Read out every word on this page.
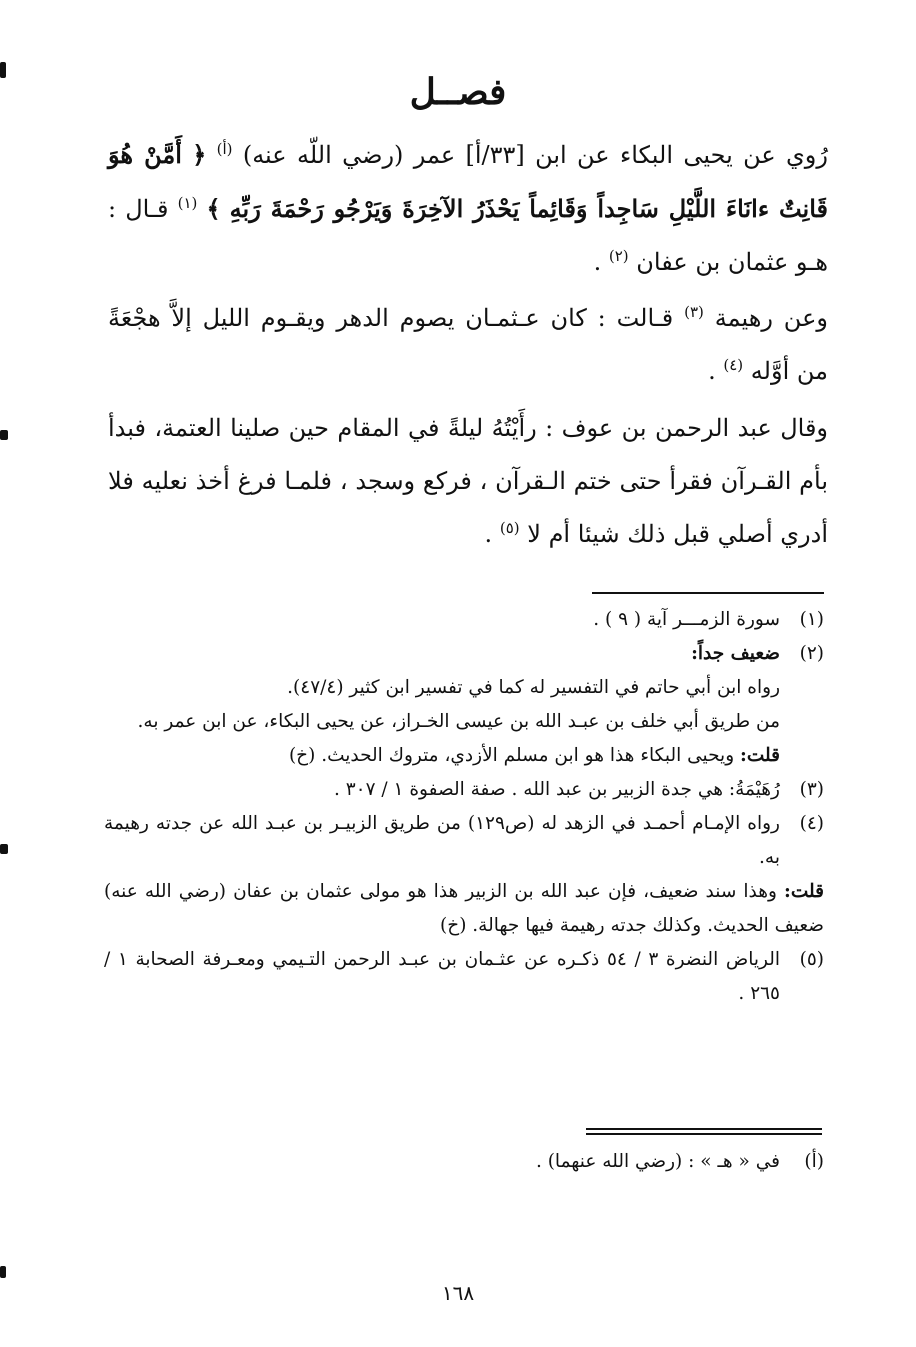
فصــل
رُوي عن يحيى البكاء عن ابن [٣٣/أ] عمر (رضي اللّه عنه) $^{(أ)}$ ﴿ أَمَّنْ هُوَ قَانِتٌ ءانَاءَ اللَّيْلِ سَاجِداً وَقَائِماً يَحْذَرُ الآخِرَةَ وَيَرْجُو رَحْمَةَ رَبِّهِ ﴾ $^{(١)}$ قـال : هـو عثمان بن عفان $^{(٢)}$ .
وعن رهيمة $^{(٣)}$ قـالت : كان عـثمـان يصوم الدهر ويقـوم الليل إلاَّ هجْعَةً من أوَّله $^{(٤)}$ .
وقال عبد الرحمن بن عوف : رأَيْتُهُ ليلةً في المقام حين صلينا العتمة، فبدأ بأم القـرآن فقرأ حتى ختم الـقرآن ، فركع وسجد ، فلمـا فرغ أخذ نعليه فلا أدري أصلي قبل ذلك شيئا أم لا $^{(٥)}$ .
(١)
سورة الزمـــر آية ( ٩ ) .
(٢)
ضعيف جداً:
رواه ابن أبي حاتم في التفسير له كما في تفسير ابن كثير (٤٧/٤).
من طريق أبي خلف بن عبـد الله بن عيسى الخـراز، عن يحيى البكاء، عن ابن عمر به.
قلت: ويحيى البكاء هذا هو ابن مسلم الأزدي، متروك الحديث. (خ)
(٣)
رُهَيْمَةُ: هي جدة الزبير بن عبد الله . صفة الصفوة ١ / ٣٠٧ .
(٤)
رواه الإمـام أحمـد في الزهد له (ص١٢٩) من طريق الزبيـر بن عبـد الله عن جدته رهيمة به.
قلت: وهذا سند ضعيف، فإن عبد الله بن الزبير هذا هو مولى عثمان بن عفان (رضي الله عنه) ضعيف الحديث. وكذلك جدته رهيمة فيها جهالة. (خ)
(٥)
الرياض النضرة ٣ / ٥٤ ذكـره عن عثـمان بن عبـد الرحمن التـيمي ومعـرفة الصحابة ١ / ٢٦٥ .
(أ)
في « هـ » : (رضي الله عنهما) .
١٦٨
